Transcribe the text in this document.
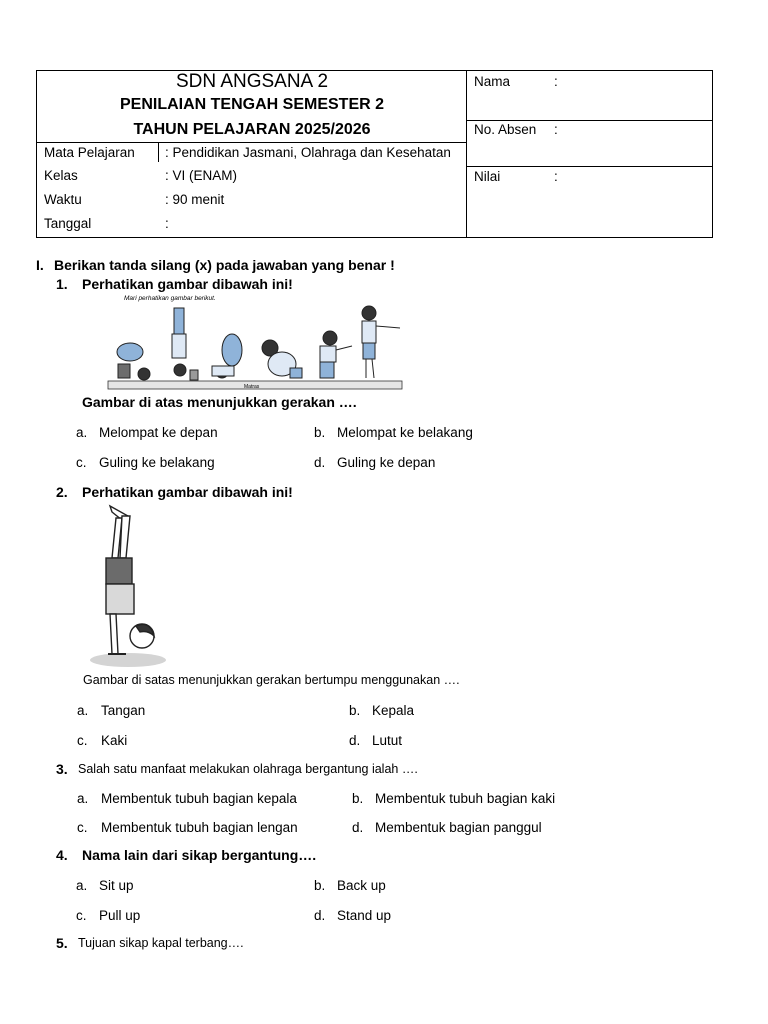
SDN ANGSANA 2
PENILAIAN TENGAH SEMESTER 2
TAHUN PELAJARAN 2025/2026
Mata Pelajaran : Pendidikan Jasmani, Olahraga dan Kesehatan
Kelas	: VI (ENAM)
Waktu	: 90 menit
Tanggal	:
Nama	:
No. Absen :
Nilai	:
I. Berikan tanda silang (x) pada jawaban yang benar !
1. Perhatikan gambar dibawah ini!
Mari perhatikan gambar berikut.
Matras
Gambar di atas menunjukkan gerakan ….
a. Melompat ke depan	b. Melompat ke belakang
c. Guling ke belakang	d. Guling ke depan
2. Perhatikan gambar dibawah ini!
Gambar di satas menunjukkan gerakan bertumpu menggunakan ….
a. Tangan	b. Kepala
c. Kaki	d. Lutut
3. Salah satu manfaat melakukan olahraga bergantung ialah ….
a. Membentuk tubuh bagian kepala	b. Membentuk tubuh bagian kaki
c. Membentuk tubuh bagian lengan	d. Membentuk bagian panggul
4. Nama lain dari sikap bergantung….
a. Sit up	b. Back up
c. Pull up	d. Stand up
5. Tujuan sikap kapal terbang….
